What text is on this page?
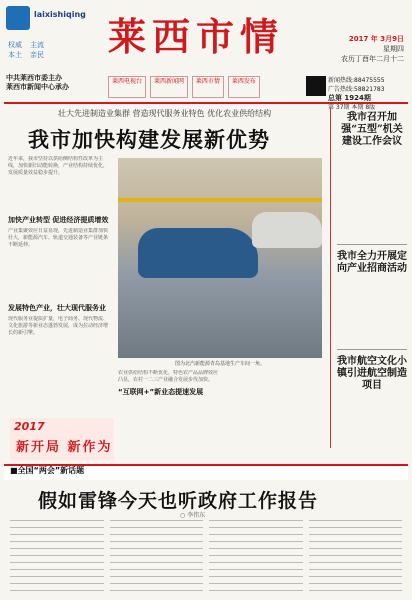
laixishiqing
权威 主流
本土 亲民	莱西市情	2017 年 3月9日
星期四
农历丁酉年二月十二
中共莱西市委主办
莱西市新闻中心承办
莱西电视台 莱西新闻网 莱西市情 莱西发布	新闻热线:88475555
广告热线:58821783
总第 1924期
第 37期 本期 8版
壮大先进制造业集群 营造现代服务业特色 优化农业供给结构
我市加快构建发展新优势
近年来，我市坚持以供给侧结构性改革为主线，加快新旧动能转换，产业结构持续优化，发展质量效益稳步提升。
加快产业转型 促进经济提质增效
产业集聚效应日益显现，先进制造业集群加快壮大，新能源汽车、轨道交通装备等产业链条不断延伸。
发展特色产业，壮大现代服务业
现代服务业提质扩量，电子商务、现代物流、文化旅游等新业态蓬勃发展，成为拉动经济增长的新引擎。
图为北汽新能源青岛基地生产车间一角。
农业供给结构不断优化，特色农产品品牌效应凸显，农村一二三产业融合发展步伐加快。
“互联网+”新业态提速发展
我市召开加强“五型”机关建设工作会议
我市全力开展定向产业招商活动
我市航空文化小镇引进航空制造项目
2017
新开局 新作为
■全国“两会”新话题
假如雷锋今天也听政府工作报告
○ 李伟东
